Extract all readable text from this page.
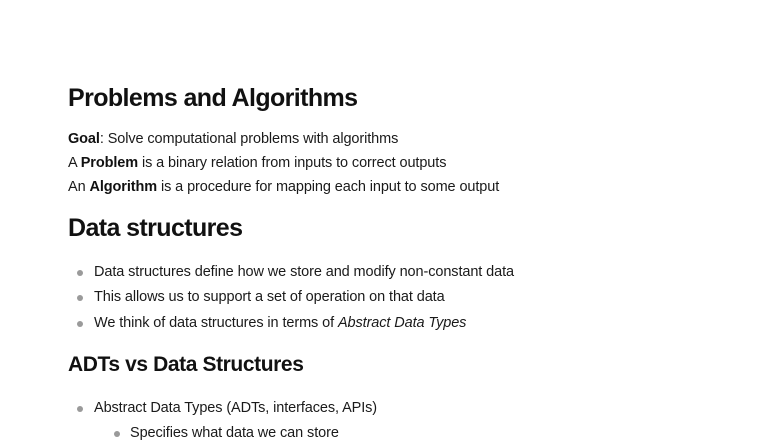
Problems and Algorithms
Goal: Solve computational problems with algorithms
A Problem is a binary relation from inputs to correct outputs
An Algorithm is a procedure for mapping each input to some output
Data structures
Data structures define how we store and modify non-constant data
This allows us to support a set of operation on that data
We think of data structures in terms of Abstract Data Types
ADTs vs Data Structures
Abstract Data Types (ADTs, interfaces, APIs)
Specifies what data we can store
